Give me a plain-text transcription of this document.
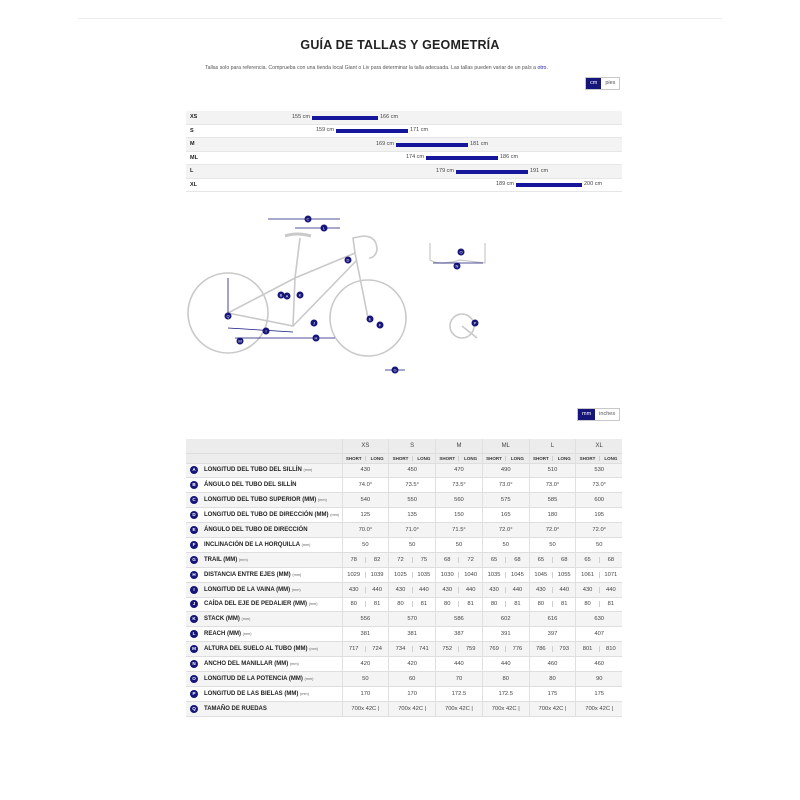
GUÍA DE TALLAS Y GEOMETRÍA
Tallas solo para referencia. Comprueba con una tienda local Giant o Liv para determinar la talla adecuada. Las tallas pueden variar de un país a otro.
cm	pies
XS	155 cm	166 cm
S	159 cm	171 cm
M	169 cm	181 cm
ML	174 cm	186 cm
L	179 cm	191 cm
XL	189 cm	200 cm
A
B
C
D
E
F
G
H
I
J
K
L
M
N
O
P
Q
mm	inches
		XS	S	M	ML	L	XL

		SHORT LONG	SHORT LONG	SHORT LONG	SHORT LONG	SHORT LONG	SHORT LONG

A	LONGITUD DEL TUBO DEL SILLÍN (mm)	430	450	470	490	510	530
B	ÁNGULO DEL TUBO DEL SILLÍN	74.0°	73.5°	73.5°	73.0°	73.0°	73.0°
C	LONGITUD DEL TUBO SUPERIOR (MM) (mm)	540	550	560	575	585	600
D	LONGITUD DEL TUBO DE DIRECCIÓN (MM) (mm)	125	135	150	165	180	195
E	ÁNGULO DEL TUBO DE DIRECCIÓN	70.0°	71.0°	71.5°	72.0°	72.0°	72.0°
F	INCLINACIÓN DE LA HORQUILLA (mm)	50	50	50	50	50	50
G	TRAIL (MM) (mm)	78 82	72 75	68 72	65 68	65 68	65 68

H	DISTANCIA ENTRE EJES (MM) (mm)	1029 1039	1025 1035	1030 1040	1035 1045	1045 1055	1061 1071

I	LONGITUD DE LA VAINA (MM) (mm)	430 440	430 440	430 440	430 440	430 440	430 440

J	CAÍDA DEL EJE DE PEDALIER (MM) (mm)	80 81	80 81	80 81	80 81	80 81	80 81

K	STACK (MM) (mm)	556	570	586	602	616	630
L	REACH (MM) (mm)	381	381	387	391	397	407
M	ALTURA DEL SUELO AL TUBO (MM) (mm)	717 724	734 741	752 759	769 776	786 793	801 810

N	ANCHO DEL MANILLAR (MM) (mm)	420	420	440	440	460	460
O	LONGITUD DE LA POTENCIA (MM) (mm)	50	60	70	80	80	90
P	LONGITUD DE LAS BIELAS (MM) (mm)	170	170	172.5	172.5	175	175
Q	TAMAÑO DE RUEDAS	700x 42C |	700x 42C |	700x 42C |	700x 42C |	700x 42C |	700x 42C |
